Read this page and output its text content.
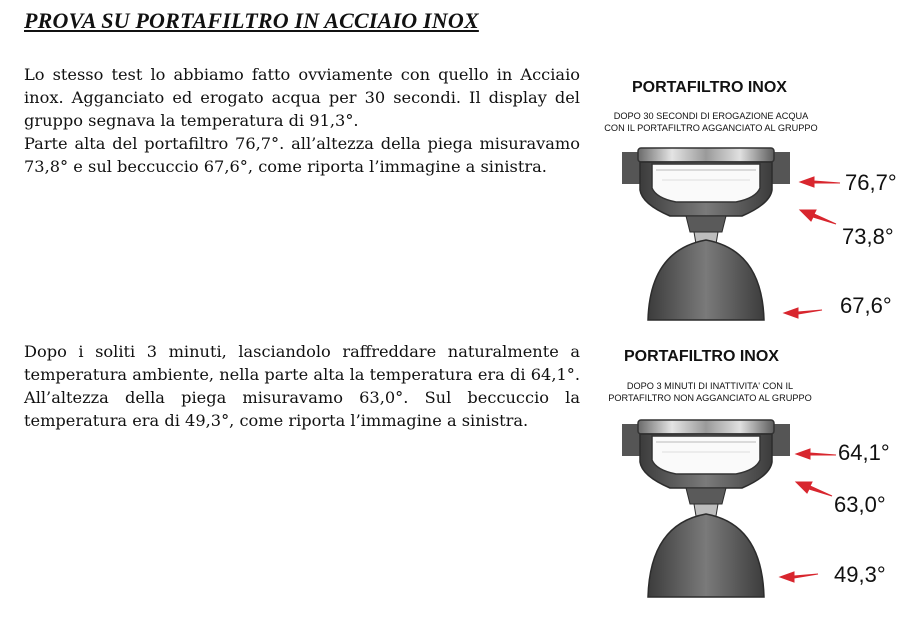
PROVA SU PORTAFILTRO IN ACCIAIO INOX

Lo stesso test lo abbiamo fatto ovviamente con quello in Acciaio inox. Agganciato ed erogato acqua per 30 secondi. Il display del gruppo segnava la temperatura di 91,3°.

Parte alta del portafiltro 76,7°. all’altezza della piega misuravamo 73,8° e sul beccuccio 67,6°, come riporta l’immagine a sinistra.

Dopo i soliti 3 minuti, lasciandolo raffreddare naturalmente a temperatura ambiente, nella parte alta la temperatura era di 64,1°. All’altezza della piega misuravamo 63,0°. Sul beccuccio la temperatura era di 49,3°, come riporta l’immagine a sinistra.

PORTAFILTRO INOX
DOPO 30 SECONDI DI EROGAZIONE ACQUA
CON IL PORTAFILTRO AGGANCIATO AL GRUPPO
76,7°
73,8°
67,6°
PORTAFILTRO INOX
DOPO 3 MINUTI DI INATTIVITA' CON IL
PORTAFILTRO NON AGGANCIATO AL GRUPPO
64,1°
63,0°
49,3°
